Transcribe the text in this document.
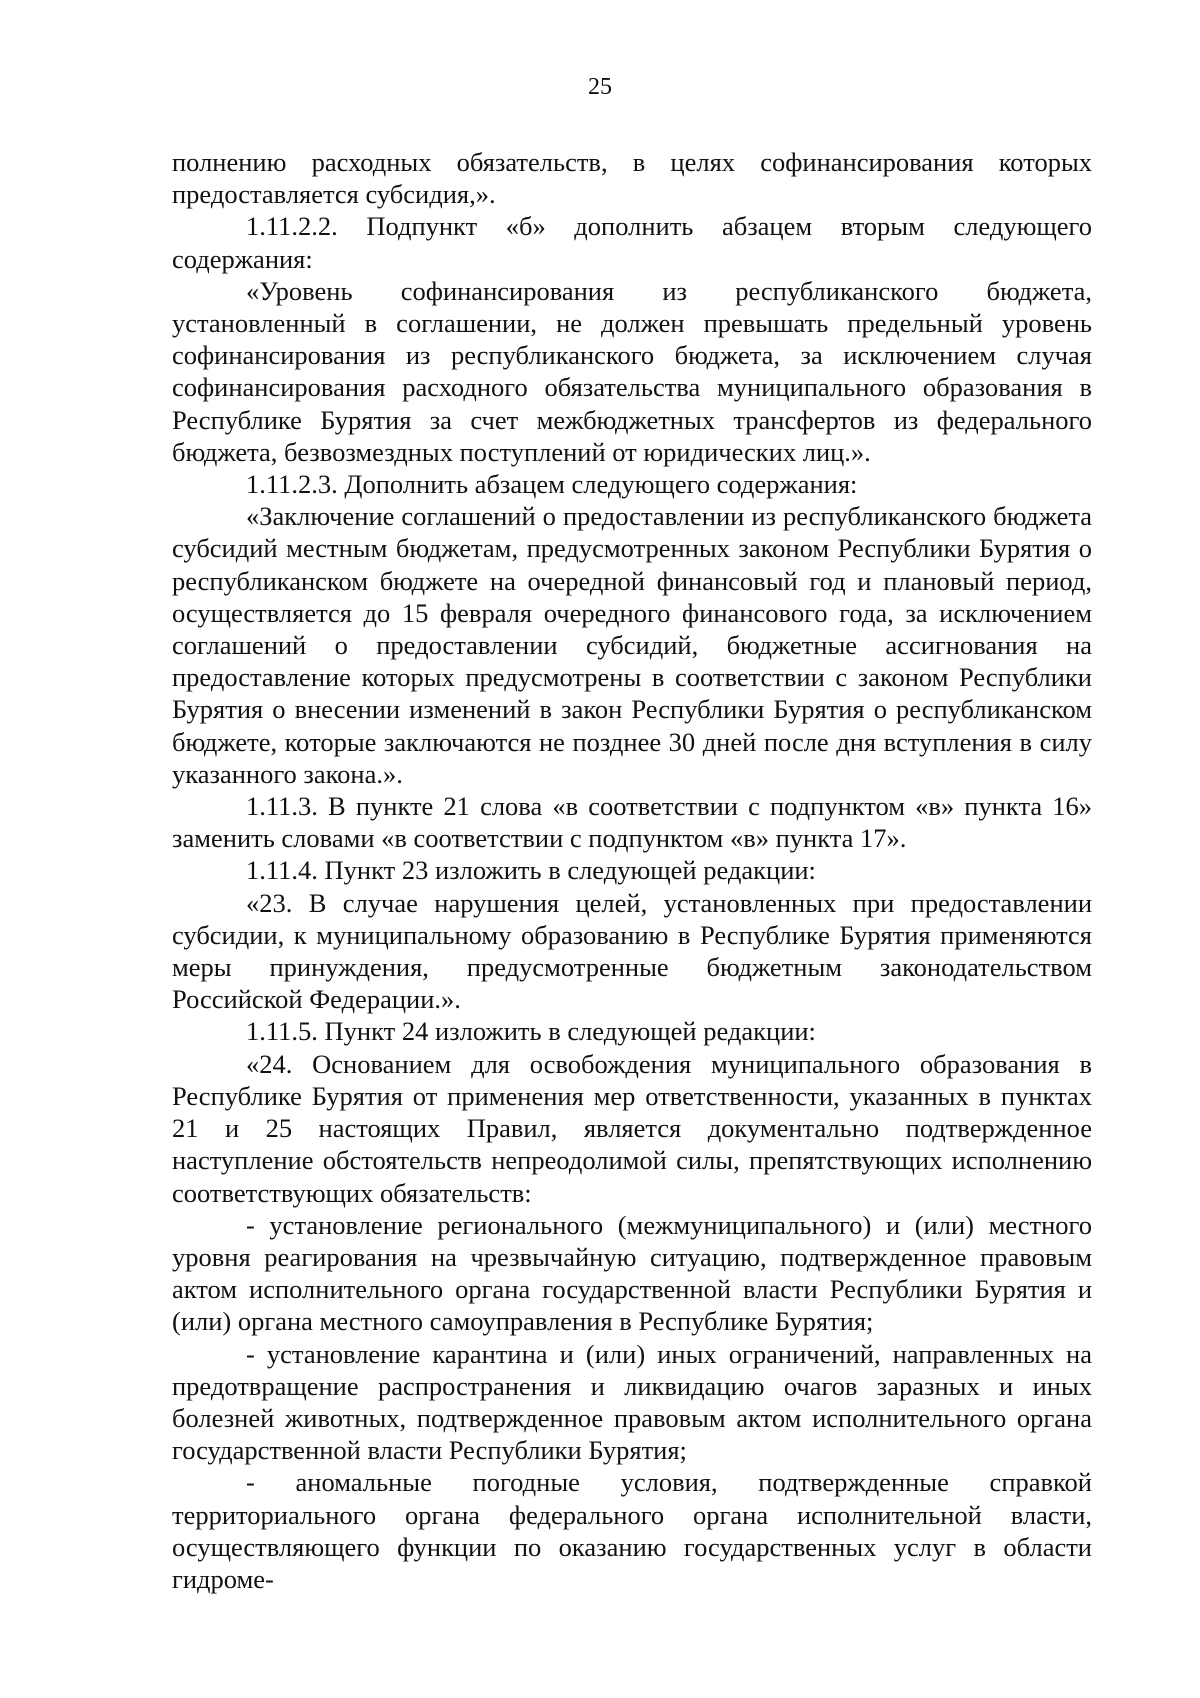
25

полнению расходных обязательств, в целях софинансирования которых предоставляется субсидия,».

1.11.2.2. Подпункт «б» дополнить абзацем вторым следующего содержания:

«Уровень софинансирования из республиканского бюджета, установленный в соглашении, не должен превышать предельный уровень софинансирования из республиканского бюджета, за исключением случая софинансирования расходного обязательства муниципального образования в Республике Бурятия за счет межбюджетных трансфертов из федерального бюджета, безвозмездных поступлений от юридических лиц.».

1.11.2.3. Дополнить абзацем следующего содержания:

«Заключение соглашений о предоставлении из республиканского бюджета субсидий местным бюджетам, предусмотренных законом Республики Бурятия о республиканском бюджете на очередной финансовый год и плановый период, осуществляется до 15 февраля очередного финансового года, за исключением соглашений о предоставлении субсидий, бюджетные ассигнования на предоставление которых предусмотрены в соответствии с законом Республики Бурятия о внесении изменений в закон Республики Бурятия о республиканском бюджете, которые заключаются не позднее 30 дней после дня вступления в силу указанного закона.».

1.11.3. В пункте 21 слова «в соответствии с подпунктом «в» пункта 16» заменить словами «в соответствии с подпунктом «в» пункта 17».

1.11.4. Пункт 23 изложить в следующей редакции:

«23. В случае нарушения целей, установленных при предоставлении субсидии, к муниципальному образованию в Республике Бурятия применяются меры принуждения, предусмотренные бюджетным законодательством Российской Федерации.».

1.11.5. Пункт 24 изложить в следующей редакции:

«24. Основанием для освобождения муниципального образования в Республике Бурятия от применения мер ответственности, указанных в пунктах 21 и 25 настоящих Правил, является документально подтвержденное наступление обстоятельств непреодолимой силы, препятствующих исполнению соответствующих обязательств:

- установление регионального (межмуниципального) и (или) местного уровня реагирования на чрезвычайную ситуацию, подтвержденное правовым актом исполнительного органа государственной власти Республики Бурятия и (или) органа местного самоуправления в Республике Бурятия;

- установление карантина и (или) иных ограничений, направленных на предотвращение распространения и ликвидацию очагов заразных и иных болезней животных, подтвержденное правовым актом исполнительного органа государственной власти Республики Бурятия;

- аномальные погодные условия, подтвержденные справкой территориального органа федерального органа исполнительной власти, осуществляющего функции по оказанию государственных услуг в области гидроме-
